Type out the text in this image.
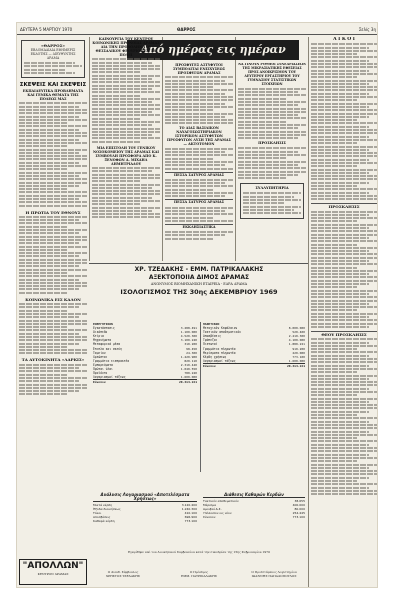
ΔΕΥΤΕΡΑ 5 ΜΑΡΤΙΟΥ 1970	ΘΑΡΡΟΣ	Σελίς 3η
«ΘΑΡΡΟΣ»
ΕΒΔΟΜΑΔΙΑΙΑ ΕΦΗΜΕΡΙΣ
ΕΚΔΟΤΗΣ — ΔΙΕΥΘΥΝΤΗΣ
ΔΡΑΜΑ
ΣΚΕΨΕΙΣ ΚΑΙ ΣΚΕΨΕΙΣ
ΕΚΠΑΙΔΕΥΤΙΚΑ ΠΡΟΒΛΗΜΑΤΑ ΚΑΙ ΓΕΝΙΚΑ ΘΕΜΑΤΑ ΤΗΣ ΠΟΛΕΩΣ ΜΑΣ
Η ΠΡΩΤΙΑ ΤΟΥ ΕΘΝΟΥΣ
ΚΟΙΝΩΝΙΚΑ ΕΙΣ ΚΑΛΟΝ
ΤΑ ΑΥΤΟΚΙΝΗΤΑ «ΛΑΡΚΙΣ»
Από ημέρας εις ημέραν
ΚΑΙΝΟΥΡΓΙΑ ΤΟΥ ΚΕΝΤΡΟΥ ΚΟΙΝΩΝΙΚΗΣ ΠΡΟΝΟΙΑΣ ΔΡΑΜΑΣ ΔΙΑ ΤΗΝ ΠΡΟΒΟΛΗΝ ΤΟΥ ΘΕΣΣΑΛΙΚΟΥ ΦΡΟΥΡΙΟΥ ΕΝ ΤΗ ΠΟΛΕΙ
ΜΙΑ ΕΠΙΣΤΟΛΗ ΤΟΥ ΓΕΝΙΚΟΥ ΝΟΣΟΚΟΜΕΙΟΥ ΤΗΣ ΔΡΑΜΑΣ ΚΑΙ ΣΥΜΒΟΥΛΗ ΠΡΟΣΦΟΡΑ ΑΠΟ Κ. ΞΕΝΟΦΩΝ Α. ΜΙΧΑΗΛ ΔΗΜΗΤΡΙΑΔΟΥ
ΠΡΟΣΦΥΓΕΣ ΑΣΤΥΦΥΤΟΙ ΣΥΜΠΟΛΙΤΑΙ ΕΝΙΣΧΥΣΕΩΣ ΠΡΟΣΦΥΓΩΝ ΔΡΑΜΑΣ
ΤΟ ΔΙΑΣ ΒΑΣΙΛΙΚΟΝ ΝΑΥΑΓΟΣΩΣΤΗΡΙΑΚΟΝ ΙΣΤΟΡΙΚΟΝ ΑΣΤΥΦΥΤΩΝ ΠΡΟΣΦΥΓΩΝ ΛΥΣΗ ΤΗΣ ΔΡΑΜΑΣ — ΑΚΤΟΤΟΜΟΝ
ΠΕΣΣΑ ΣΑΤΥΡΟΣ ΔΡΑΜΑΣ
ΠΕΣΣΑ ΣΑΤΥΡΟΣ ΔΡΑΜΑΣ
ΕΚΚΛΗΣΙΑΣΤΙΚΑ
ΝΑ ΓΙΝΟΥΝ ΡΥΘΜΟΙ ΣΥΝΕΔΡΙΑΣΕΩΝ ΤΗΣ ΜΙΚΡΑΣΙΑΤΙΚΗΣ ΕΦΕΣΕΙΑΣ ΠΡΟΣ ΑΝΟΙΚΡΙΣΜΟΝ ΤΟΥ ΔΕΥΤΕΡΟΥ ΕΡΓΑΣΤΗΡΙΟΥ ΤΟΥ ΓΥΜΝΑΣΙΟΥ ΣΤΑΤΙΣΤΙΚΩΝ ΣΤΟΙΧΕΙΩΝ
ΠΡΟΣΚΛΗΣΙΣ
ΣΥΛΛΥΠΗΤΗΡΙΑ
Α Ι Κ Ο Ι
ΠΡΟΣΚΛΗΣΙΣ
ΘΕΟΥ ΠΡΟΣΚΛΗΣΙΣ
ΧΡ. ΤΖΕΔΑΚΗΣ - ΕΜΜ. ΠΑΤΡΙΚΑΛΑΚΗΣ
ΑΞΕΚΤΟΠΟΙΙΑ ΔΙΜΟΣ ΔΡΑΜΑΣ
ΑΝΩΝΥΜΟΣ ΒΙΟΜΗΧΑΝΙΚΗ ΕΤΑΙΡΕΙΑ - ΕΔΡΑ ΔΡΑΜΑ
ΙΣΟΛΟΓΙΣΜΟΣ ΤΗΣ 30ης ΔΕΚΕΜΒΡΙΟΥ 1969
ΕΝΕΡΓΗΤΙΚΟΝ
Εγκατάστασις	3.288.491
Οικόπεδα	1.100.000
Κτίρια	4.520.300
Μηχανήματα	3.100.240
Μεταφορικά μέσα	310.200
Έπιπλα και σκεύη	98.450
Ταμείον	24.300
Χρεώσται	1.420.900
Γραμμάτια εισπρακτέα	820.110
Εμπορεύματα	2.310.440
Πρώται ύλαι	1.040.550
Προϊόντα	780.240
Λογαριασμοί τάξεως	1.600.000
Σύνολον	20.414.221
ΠΑΘΗΤΙΚΟΝ
Μετοχικόν Κεφάλαιον	8.000.000
Τακτικόν αποθεματικόν	520.400
Αποσβέσεις	2.410.300
Τράπεζαι	4.100.000
Πιστωταί	1.880.221
Γραμμάτια πληρωτέα	910.200
Μερίσματα πληρωτέα	220.000
Κέρδη χρήσεως	773.100
Λογαριασμοί τάξεως	1.600.000
Σύνολον	20.414.221
Ανάλυσις Λογαριασμού «Αποτελέσματα Χρήσεως»
Μικτά κέρδη	3.120.400
Έξοδα διοικήσεως	1.240.300
Τόκοι	410.100
Αποσβέσεις	696.900
Καθαρά κέρδη	773.100
Διάθεσις Καθαρών Κερδών
Τακτικόν αποθεματικόν	38.655
Μέρισμα	400.000
Αμοιβαί Δ.Σ.	80.000
Υπόλοιπον εις νέον	254.445
Σύνολον	773.100
Εγκρίθηκε υπό του Διοικητικού Συμβουλίου κατά την συνεδρίαν της 15ης Φεβρουαρίου 1970
Ο Διευθ. Σύμβουλος
ΧΡΗΣΤΟΣ ΤΖΕΔΑΚΗΣ
Ο Πρόεδρος
ΕΜΜ. ΠΑΤΡΙΚΑΛΑΚΗΣ
Ο Προϊστάμενος Λογιστηρίου
ΙΩΑΝΝΗΣ ΠΑΠΑΔΟΠΟΥΛΟΣ
"ΑΠΟΛΛΩΝ"
ΚΕΝΤΡΟΝ ΔΡΑΜΑΣ
